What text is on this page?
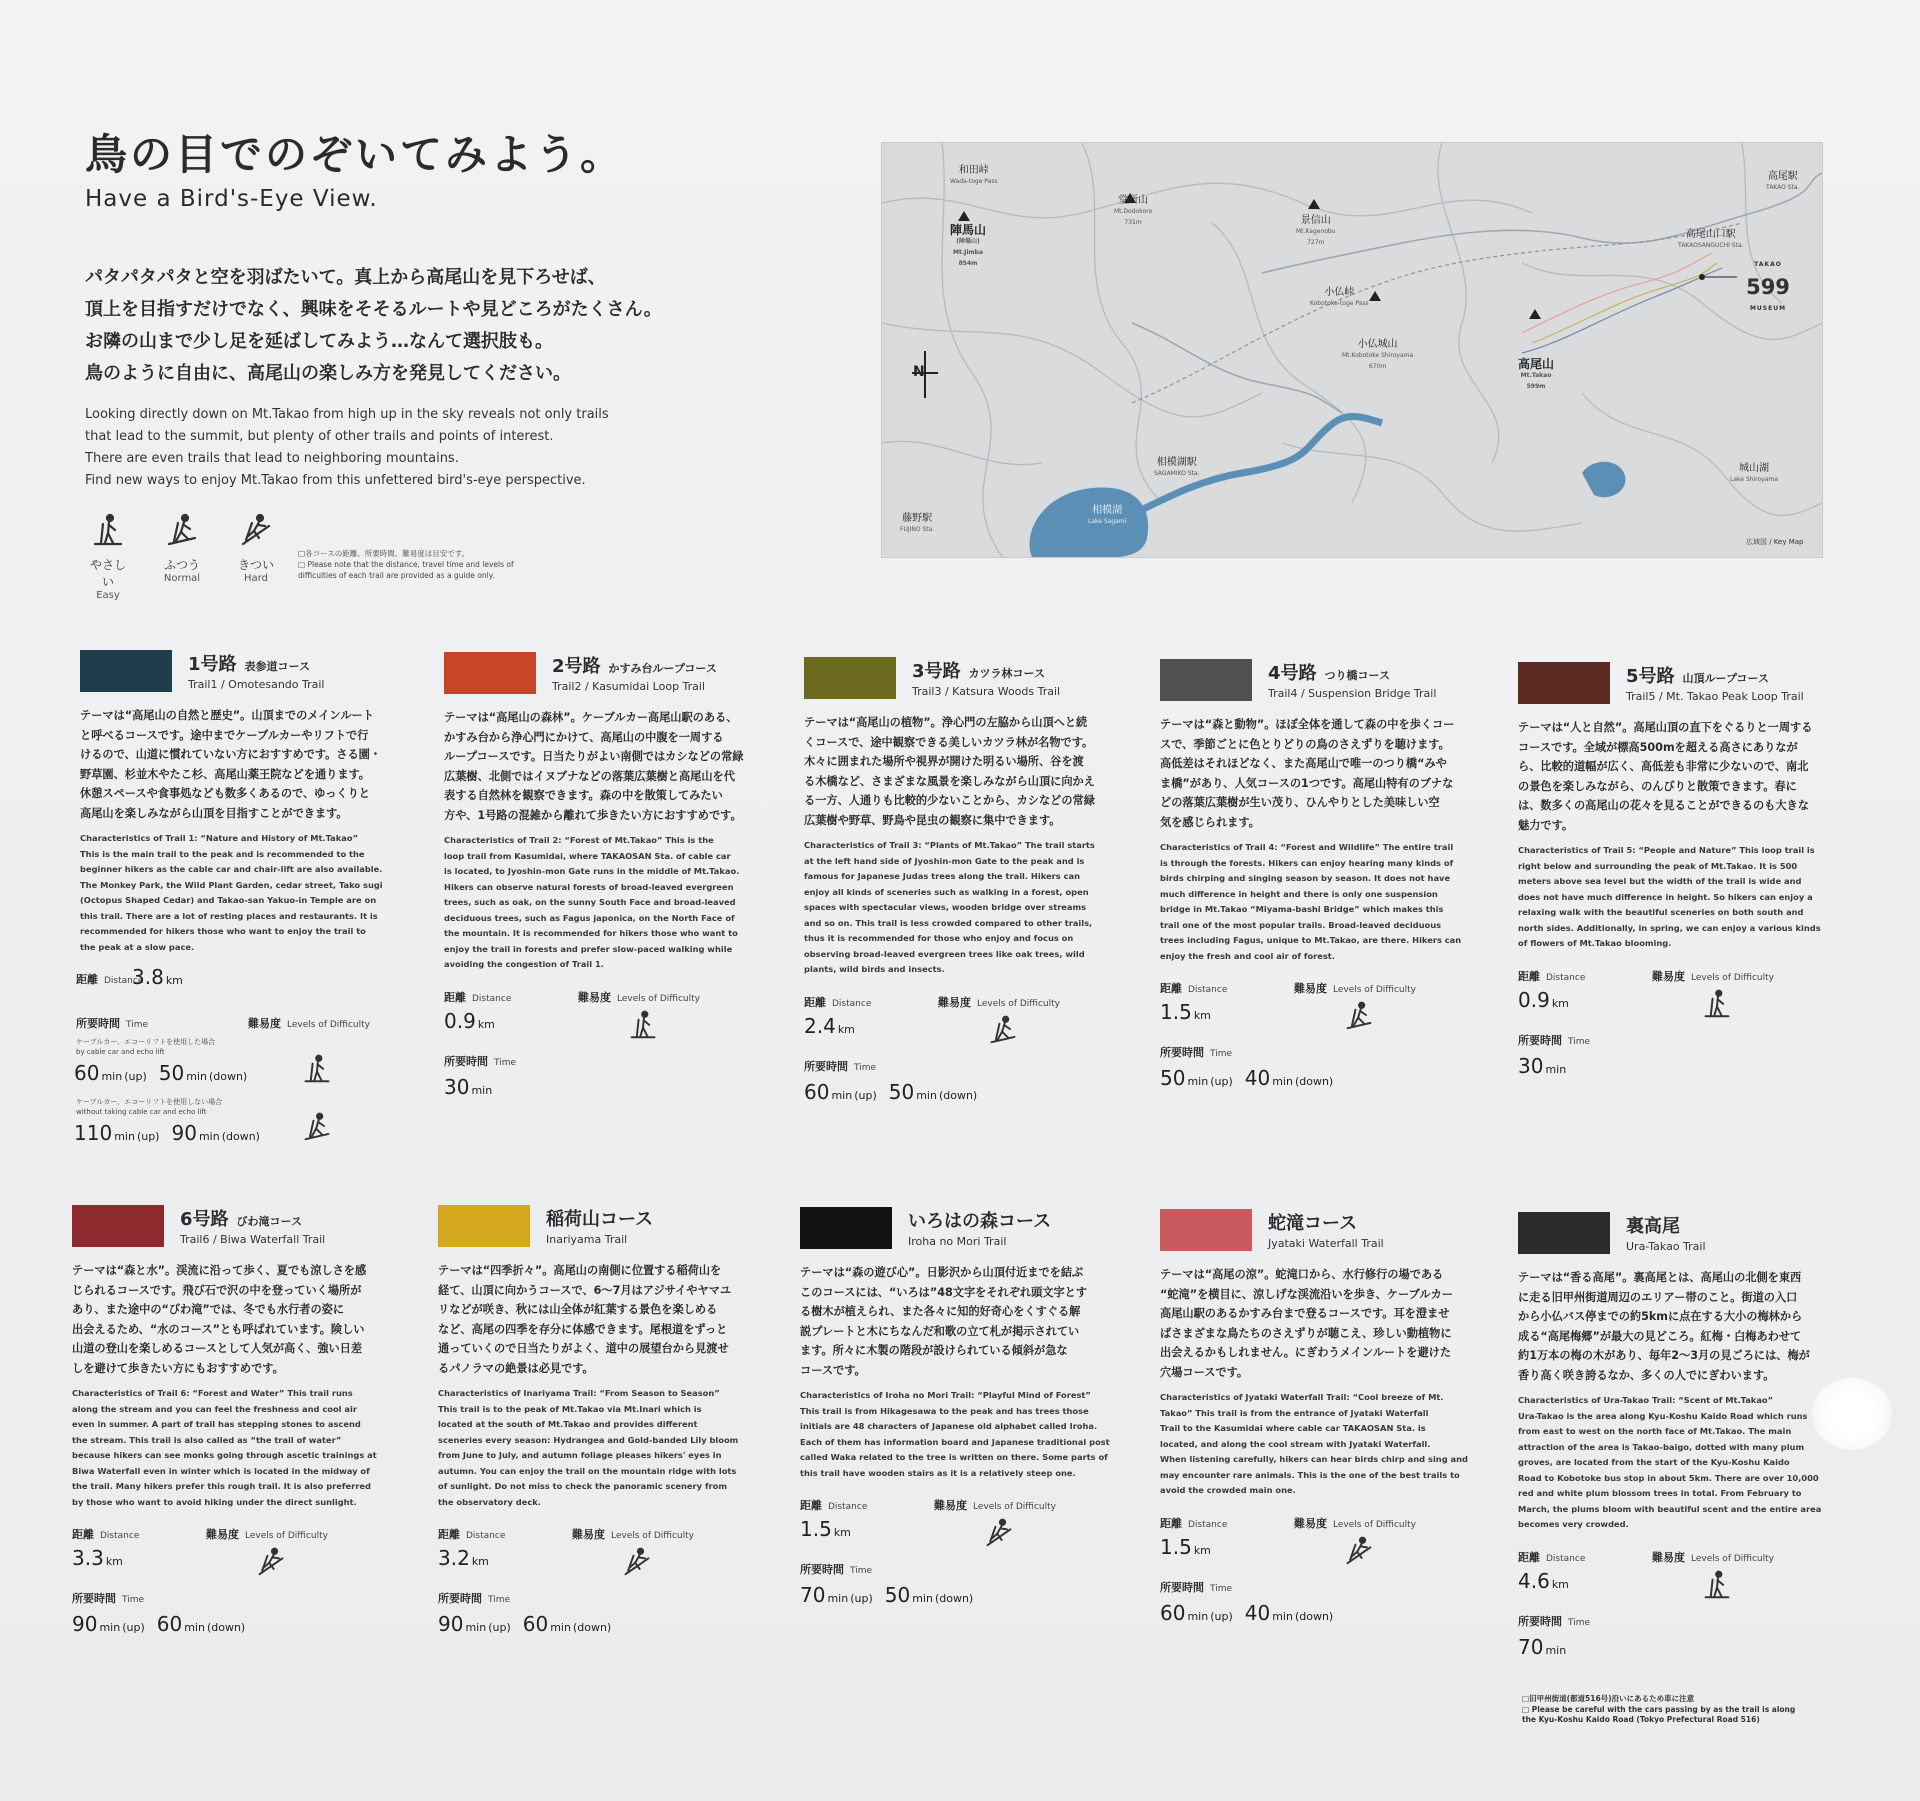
鳥の目でのぞいてみよう。
Have a Bird's-Eye View.
パタパタパタと空を羽ばたいて。真上から高尾山を見下ろせば、
頂上を目指すだけでなく、興味をそそるルートや見どころがたくさん。
お隣の山まで少し足を延ばしてみよう…なんて選択肢も。
鳥のように自由に、高尾山の楽しみ方を発見してください。
Looking directly down on Mt.Takao from high up in the sky reveals not only trails
that lead to the summit, but plenty of other trails and points of interest.
There are even trails that lead to neighboring mountains.
Find new ways to enjoy Mt.Takao from this unfettered bird's-eye perspective.
やさしい
Easy
ふつう
Normal
きつい
Hard
□各コースの距離、所要時間、難易度は目安です。
□ Please note that the distance, travel time and levels of
difficulties of each trail are provided as a guide only.
和田峠
Wada-toge Pass
陣馬山
(陣場山)
Mt.Jimba
854m
堂所山
Mt.Dodokoro
731m	景信山
Mt.Kagenobu
727m
小仏峠
Kobotoke-toge Pass
小仏城山
Mt.Kobotoke Shiroyama
670m	高尾山
Mt.Takao
599m
高尾駅
TAKAO Sta.
高尾山口駅
TAKAOSANGUCHI Sta.
相模湖駅
SAGAMIKO Sta.
相模湖
Lake Sagami
藤野駅
FUJINO Sta.
城山湖
Lake Shiroyama
TAKAO
599
MUSEUM
N
広域図 / Key Map
1号路 表参道コース
Trail1 / Omotesando Trail
テーマは“高尾山の自然と歴史”。山頂までのメインルート
と呼べるコースです。途中までケーブルカーやリフトで行
けるので、山道に慣れていない方におすすめです。さる園・
野草園、杉並木やたこ杉、高尾山薬王院などを通ります。
休憩スペースや食事処なども数多くあるので、ゆっくりと
高尾山を楽しみながら山頂を目指すことができます。
Characteristics of Trail 1: “Nature and History of Mt.Takao”
This is the main trail to the peak and is recommended to the
beginner hikers as the cable car and chair-lift are also available.
The Monkey Park, the Wild Plant Garden, cedar street, Tako sugi
(Octopus Shaped Cedar) and Takao-san Yakuo-in Temple are on
this trail. There are a lot of resting places and restaurants. It is
recommended for hikers those who want to enjoy the trail to
the peak at a slow pace.
距離 Distance
3.8 km
所要時間 Time	難易度 Levels of Difficulty
ケーブルカー、エコーリフトを使用した場合
by cable car and echo lift
60 min (up) 50 min (down)
ケーブルカー、エコーリフトを使用しない場合
without taking cable car and echo lift
110 min (up) 90 min (down)
2号路 かすみ台ループコース
Trail2 / Kasumidai Loop Trail
テーマは“高尾山の森林”。ケーブルカー高尾山駅のある、
かすみ台から浄心門にかけて、高尾山の中腹を一周する
ループコースです。日当たりがよい南側ではカシなどの常緑
広葉樹、北側ではイヌブナなどの落葉広葉樹と高尾山を代
表する自然林を観察できます。森の中を散策してみたい
方や、1号路の混雑から離れて歩きたい方におすすめです。
Characteristics of Trail 2: “Forest of Mt.Takao” This is the
loop trail from Kasumidai, where TAKAOSAN Sta. of cable car
is located, to Jyoshin-mon Gate runs in the middle of Mt.Takao.
Hikers can observe natural forests of broad-leaved evergreen
trees, such as oak, on the sunny South Face and broad-leaved
deciduous trees, such as Fagus japonica, on the North Face of
the mountain. It is recommended for hikers those who want to
enjoy the trail in forests and prefer slow-paced walking while
avoiding the congestion of Trail 1.
距離 Distance	難易度 Levels of Difficulty
0.9 km
所要時間 Time
30 min
3号路 カツラ林コース
Trail3 / Katsura Woods Trail
テーマは“高尾山の植物”。浄心門の左脇から山頂へと続
くコースで、途中観察できる美しいカツラ林が名物です。
木々に囲まれた場所や視界が開けた明るい場所、谷を渡
る木橋など、さまざまな風景を楽しみながら山頂に向かえ
る一方、人通りも比較的少ないことから、カシなどの常緑
広葉樹や野草、野鳥や昆虫の観察に集中できます。
Characteristics of Trail 3: “Plants of Mt.Takao” The trail starts
at the left hand side of Jyoshin-mon Gate to the peak and is
famous for Japanese Judas trees along the trail. Hikers can
enjoy all kinds of sceneries such as walking in a forest, open
spaces with spectacular views, wooden bridge over streams
and so on. This trail is less crowded compared to other trails,
thus it is recommended for those who enjoy and focus on
observing broad-leaved evergreen trees like oak trees, wild
plants, wild birds and insects.
距離 Distance	難易度 Levels of Difficulty
2.4 km
所要時間 Time
60 min (up) 50 min (down)
4号路 つり橋コース
Trail4 / Suspension Bridge Trail
テーマは“森と動物”。ほぼ全体を通して森の中を歩くコー
スで、季節ごとに色とりどりの鳥のさえずりを聴けます。
高低差はそれほどなく、また高尾山で唯一のつり橋“みや
ま橋”があり、人気コースの1つです。高尾山特有のブナな
どの落葉広葉樹が生い茂り、ひんやりとした美味しい空
気を感じられます。
Characteristics of Trail 4: “Forest and Wildlife” The entire trail
is through the forests. Hikers can enjoy hearing many kinds of
birds chirping and singing season by season. It does not have
much difference in height and there is only one suspension
bridge in Mt.Takao “Miyama-bashi Bridge” which makes this
trail one of the most popular trails. Broad-leaved deciduous
trees including Fagus, unique to Mt.Takao, are there. Hikers can
enjoy the fresh and cool air of forest.
距離 Distance	難易度 Levels of Difficulty
1.5 km
所要時間 Time
50 min (up) 40 min (down)
5号路 山頂ループコース
Trail5 / Mt. Takao Peak Loop Trail
テーマは“人と自然”。高尾山頂の直下をぐるりと一周する
コースです。全域が標高500mを超える高さにありなが
ら、比較的道幅が広く、高低差も非常に少ないので、南北
の景色を楽しみながら、のんびりと散策できます。春に
は、数多くの高尾山の花々を見ることができるのも大きな
魅力です。
Characteristics of Trail 5: “People and Nature” This loop trail is
right below and surrounding the peak of Mt.Takao. It is 500
meters above sea level but the width of the trail is wide and
does not have much difference in height. So hikers can enjoy a
relaxing walk with the beautiful sceneries on both south and
north sides. Additionally, in spring, we can enjoy a various kinds
of flowers of Mt.Takao blooming.
距離 Distance	難易度 Levels of Difficulty
0.9 km
所要時間 Time
30 min
6号路 びわ滝コース
Trail6 / Biwa Waterfall Trail
テーマは“森と水”。渓流に沿って歩く、夏でも涼しさを感
じられるコースです。飛び石で沢の中を登っていく場所が
あり、また途中の“びわ滝”では、冬でも水行者の姿に
出会えるため、“水のコース”とも呼ばれています。険しい
山道の登山を楽しめるコースとして人気が高く、強い日差
しを避けて歩きたい方にもおすすめです。
Characteristics of Trail 6: “Forest and Water” This trail runs
along the stream and you can feel the freshness and cool air
even in summer. A part of trail has stepping stones to ascend
the stream. This trail is also called as “the trail of water”
because hikers can see monks going through ascetic trainings at
Biwa Waterfall even in winter which is located in the midway of
the trail. Many hikers prefer this rough trail. It is also preferred
by those who want to avoid hiking under the direct sunlight.
距離 Distance	難易度 Levels of Difficulty
3.3 km
所要時間 Time
90 min (up) 60 min (down)
稲荷山コース
Inariyama Trail
テーマは“四季折々”。高尾山の南側に位置する稲荷山を
経て、山頂に向かうコースで、6～7月はアジサイやヤマユ
リなどが咲き、秋には山全体が紅葉する景色を楽しめる
など、高尾の四季を存分に体感できます。尾根道をずっと
通っていくので日当たりがよく、道中の展望台から見渡せ
るパノラマの絶景は必見です。
Characteristics of Inariyama Trail: “From Season to Season”
This trail is to the peak of Mt.Takao via Mt.Inari which is
located at the south of Mt.Takao and provides different
sceneries every season: Hydrangea and Gold-banded Lily bloom
from June to July, and autumn foliage pleases hikers' eyes in
autumn. You can enjoy the trail on the mountain ridge with lots
of sunlight. Do not miss to check the panoramic scenery from
the observatory deck.
距離 Distance	難易度 Levels of Difficulty
3.2 km
所要時間 Time
90 min (up) 60 min (down)
いろはの森コース
Iroha no Mori Trail
テーマは“森の遊び心”。日影沢から山頂付近までを結ぶ
このコースには、“いろは”48文字をそれぞれ頭文字とす
る樹木が植えられ、また各々に知的好奇心をくすぐる解
説プレートと木にちなんだ和歌の立て札が掲示されてい
ます。所々に木製の階段が設けられている傾斜が急な
コースです。
Characteristics of Iroha no Mori Trail: “Playful Mind of Forest”
This trail is from Hikagesawa to the peak and has trees those
initials are 48 characters of Japanese old alphabet called Iroha.
Each of them has information board and Japanese traditional post
called Waka related to the tree is written on there. Some parts of
this trail have wooden stairs as it is a relatively steep one.
距離 Distance	難易度 Levels of Difficulty
1.5 km
所要時間 Time
70 min (up) 50 min (down)
蛇滝コース
Jyataki Waterfall Trail
テーマは“高尾の涼”。蛇滝口から、水行修行の場である
“蛇滝”を横目に、涼しげな渓流沿いを歩き、ケーブルカー
高尾山駅のあるかすみ台まで登るコースです。耳を澄ませ
ばさまざまな鳥たちのさえずりが聴こえ、珍しい動植物に
出会えるかもしれません。にぎわうメインルートを避けた
穴場コースです。
Characteristics of Jyataki Waterfall Trail: “Cool breeze of Mt.
Takao” This trail is from the entrance of Jyataki Waterfall
Trail to the Kasumidai where cable car TAKAOSAN Sta. is
located, and along the cool stream with Jyataki Waterfall.
When listening carefully, hikers can hear birds chirp and sing and
may encounter rare animals. This is the one of the best trails to
avoid the crowded main one.
距離 Distance	難易度 Levels of Difficulty
1.5 km
所要時間 Time
60 min (up) 40 min (down)
裏高尾
Ura-Takao Trail
テーマは“香る高尾”。裏高尾とは、高尾山の北側を東西
に走る旧甲州街道周辺のエリアー帯のこと。街道の入口
から小仏バス停までの約5kmに点在する大小の梅林から
成る“高尾梅郷”が最大の見どころ。紅梅・白梅あわせて
約1万本の梅の木があり、毎年2～3月の見ごろには、梅が
香り高く咲き誇るなか、多くの人でにぎわいます。
Characteristics of Ura-Takao Trail: “Scent of Mt.Takao”
Ura-Takao is the area along Kyu-Koshu Kaido Road which runs
from east to west on the north face of Mt.Takao. The main
attraction of the area is Takao-baigo, dotted with many plum
groves, are located from the start of the Kyu-Koshu Kaido
Road to Kobotoke bus stop in about 5km. There are over 10,000
red and white plum blossom trees in total. From February to
March, the plums bloom with beautiful scent and the entire area
becomes very crowded.
距離 Distance	難易度 Levels of Difficulty
4.6 km
所要時間 Time
70 min
□旧甲州街道(都道516号)沿いにあるため車に注意
□ Please be careful with the cars passing by as the trail is along
the Kyu-Koshu Kaido Road (Tokyo Prefectural Road 516)
